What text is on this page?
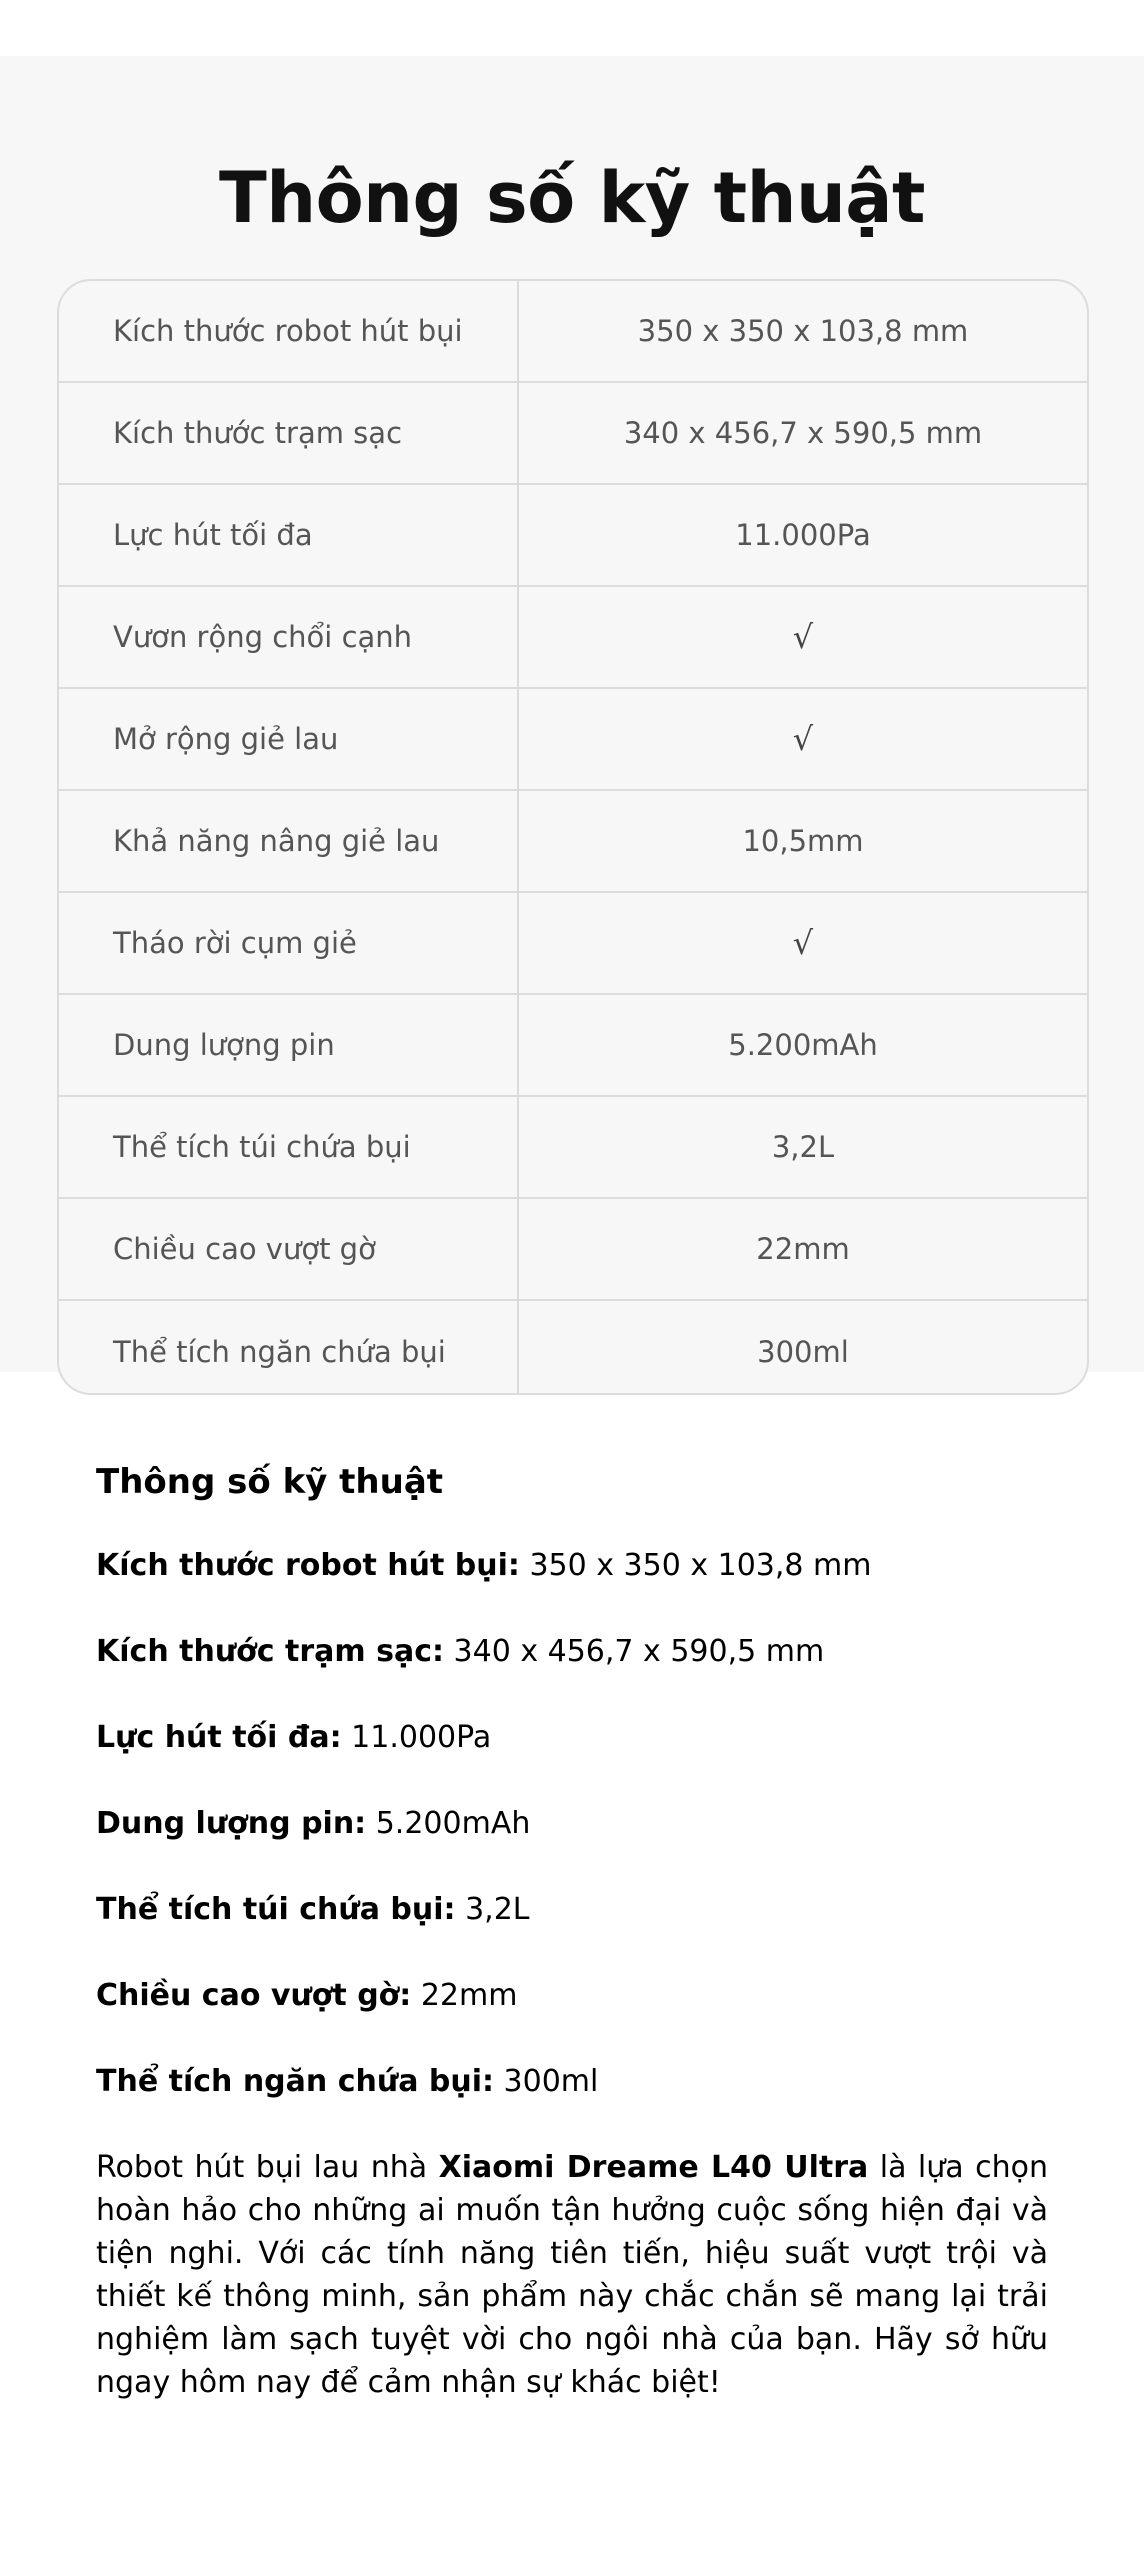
Thông số kỹ thuật
Kích thước robot hút bụi	350 x 350 x 103,8 mm
Kích thước trạm sạc	340 x 456,7 x 590,5 mm
Lực hút tối đa	11.000Pa
Vươn rộng chổi cạnh	√
Mở rộng giẻ lau	√
Khả năng nâng giẻ lau	10,5mm
Tháo rời cụm giẻ	√
Dung lượng pin	5.200mAh
Thể tích túi chứa bụi	3,2L
Chiều cao vượt gờ	22mm
Thể tích ngăn chứa bụi	300ml
Thông số kỹ thuật

Kích thước robot hút bụi: 350 x 350 x 103,8 mm

Kích thước trạm sạc: 340 x 456,7 x 590,5 mm

Lực hút tối đa: 11.000Pa

Dung lượng pin: 5.200mAh

Thể tích túi chứa bụi: 3,2L

Chiều cao vượt gờ: 22mm

Thể tích ngăn chứa bụi: 300ml

Robot hút bụi lau nhà Xiaomi Dreame L40 Ultra là lựa chọn hoàn hảo cho những ai muốn tận hưởng cuộc sống hiện đại và tiện nghi. Với các tính năng tiên tiến, hiệu suất vượt trội và thiết kế thông minh, sản phẩm này chắc chắn sẽ mang lại trải nghiệm làm sạch tuyệt vời cho ngôi nhà của bạn. Hãy sở hữu ngay hôm nay để cảm nhận sự khác biệt!
